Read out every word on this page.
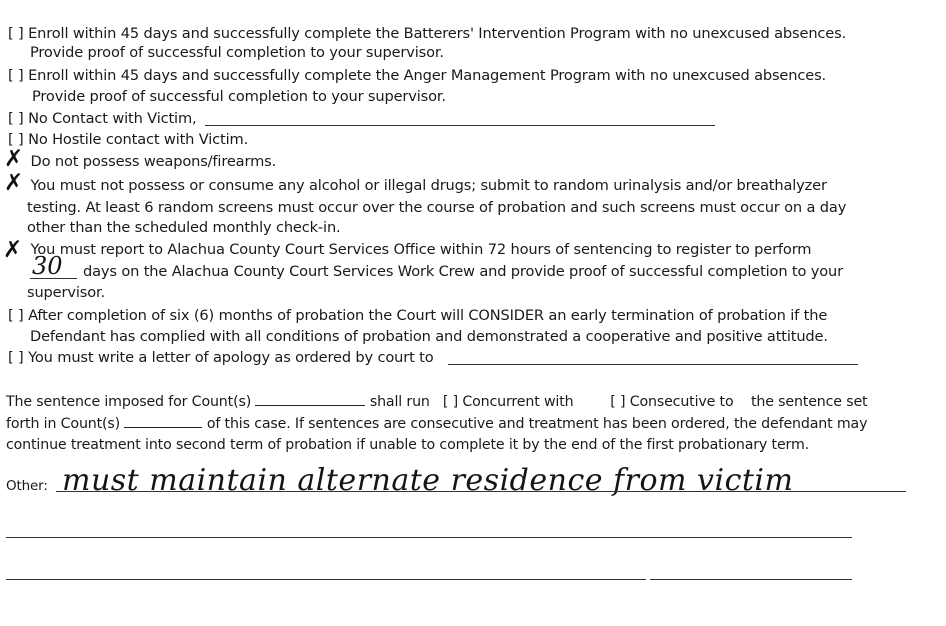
[ ] Enroll within 45 days and successfully complete the Batterers' Intervention Program with no unexcused absences.
Provide proof of successful completion to your supervisor.
[ ] Enroll within 45 days and successfully complete the Anger Management Program with no unexcused absences.
Provide proof of successful completion to your supervisor.
[ ] No Contact with Victim,
[ ] No Hostile contact with Victim.
Do not possess weapons/firearms.
✗
You must not possess or consume any alcohol or illegal drugs; submit to random urinalysis and/or breathalyzer
✗
testing. At least 6 random screens must occur over the course of probation and such screens must occur on a day
other than the scheduled monthly check-in.
You must report to Alachua County Court Services Office within 72 hours of sentencing to register to perform
✗
30 days on the Alachua County Court Services Work Crew and provide proof of successful completion to your
supervisor.
[ ] After completion of six (6) months of probation the Court will CONSIDER an early termination of probation if the
Defendant has complied with all conditions of probation and demonstrated a cooperative and positive attitude.
[ ] You must write a letter of apology as ordered by court to
The sentence imposed for Count(s)	shall run [ ] Concurrent with	[ ] Consecutive to the sentence set
forth in Count(s)	of this case. If sentences are consecutive and treatment has been ordered, the defendant may
continue treatment into second term of probation if unable to complete it by the end of the first probationary term.
Other: must maintain alternate residence from victim
